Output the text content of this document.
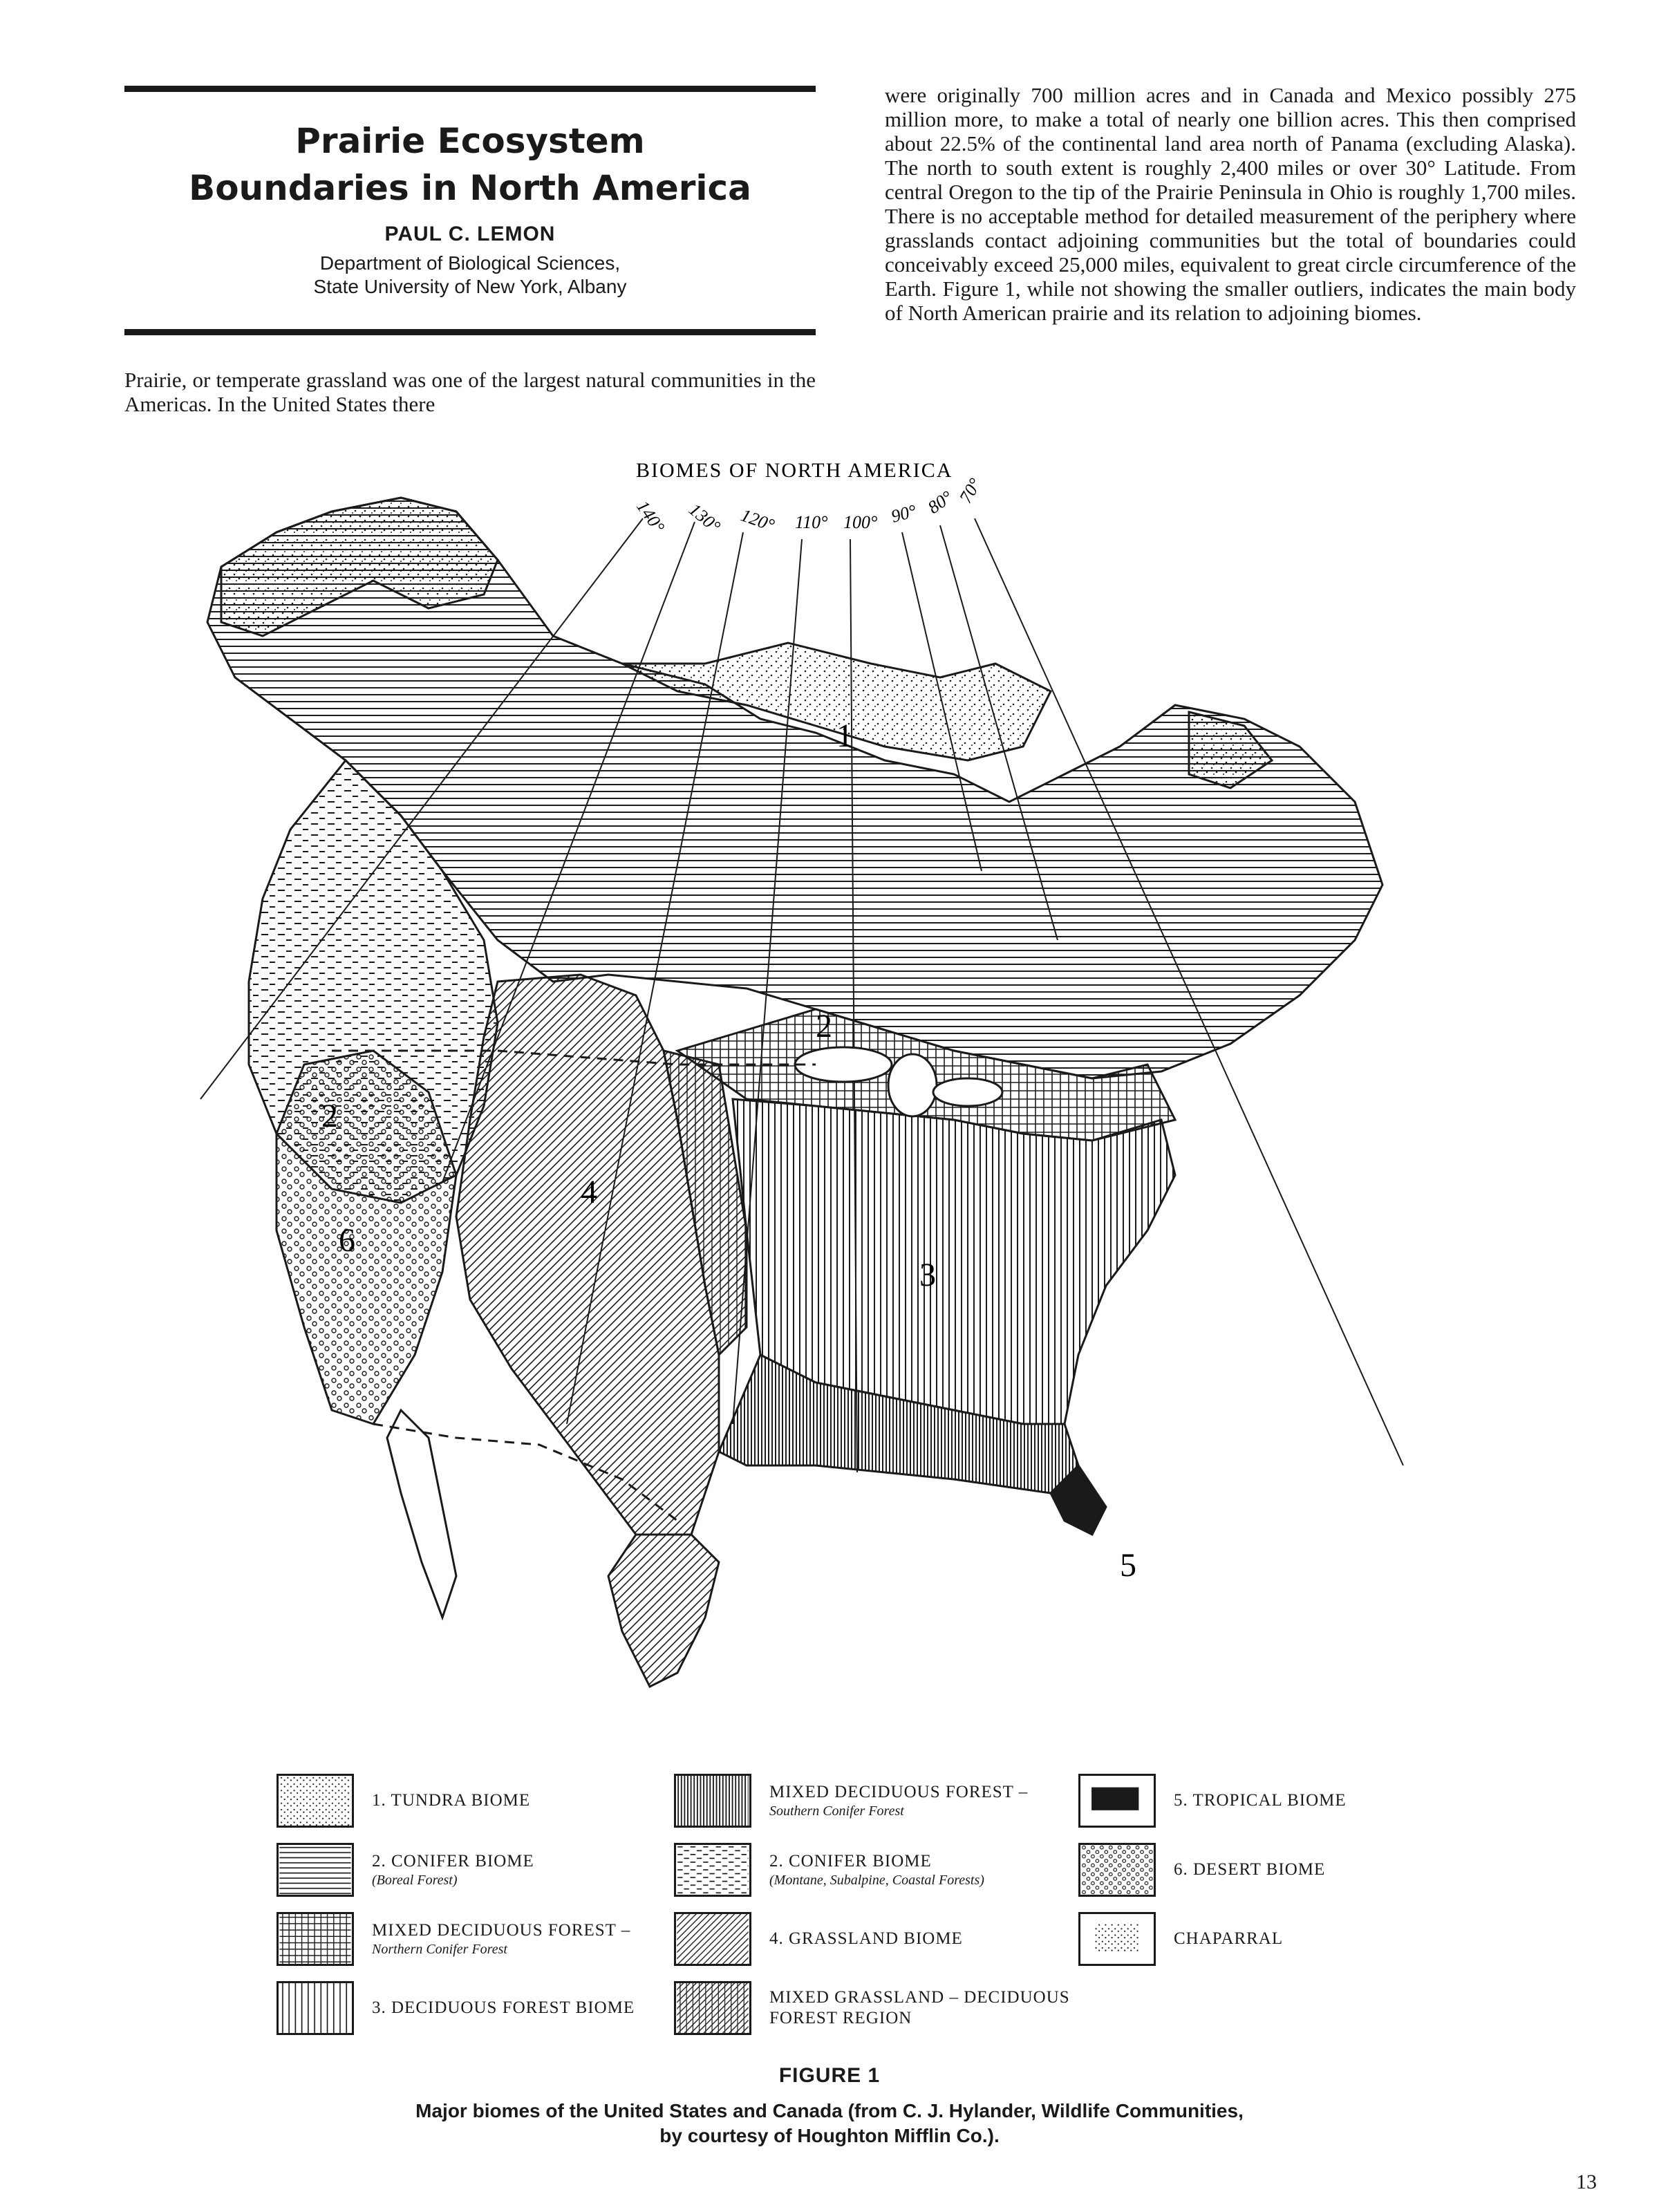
Prairie Ecosystem
Boundaries in North America
PAUL C. LEMON
Department of Biological Sciences,
State University of New York, Albany

Prairie, or temperate grassland was one of the largest natural communities in the Americas. In the United States there

were originally 700 million acres and in Canada and Mexico possibly 275 million more, to make a total of nearly one billion acres. This then comprised about 22.5% of the continental land area north of Panama (excluding Alaska). The north to south extent is roughly 2,400 miles or over 30° Latitude. From central Oregon to the tip of the Prairie Peninsula in Ohio is roughly 1,700 miles. There is no acceptable method for detailed measurement of the periphery where grasslands contact adjoining communities but the total of boundaries could conceivably exceed 25,000 miles, equivalent to great circle circumference of the Earth. Figure 1, while not showing the smaller outliers, indicates the main body of North American prairie and its relation to adjoining biomes.

BIOMES OF NORTH AMERICA
140° 130° 120° 110° 100° 90° 80°
70°
1
2
2
3
4
5
6
1. TUNDRA BIOME	MIXED DECIDUOUS FOREST –
Southern Conifer Forest
5. TROPICAL BIOME
2. CONIFER BIOME
(Boreal Forest)
2. CONIFER BIOME
(Montane, Subalpine, Coastal Forests)
6. DESERT BIOME
MIXED DECIDUOUS FOREST –
Northern Conifer Forest
4. GRASSLAND BIOME	CHAPARRAL
3. DECIDUOUS FOREST BIOME
MIXED GRASSLAND – DECIDUOUS FOREST REGION
FIGURE 1
Major biomes of the United States and Canada (from C. J. Hylander, Wildlife Communities, by courtesy of Houghton Mifflin Co.).
13
